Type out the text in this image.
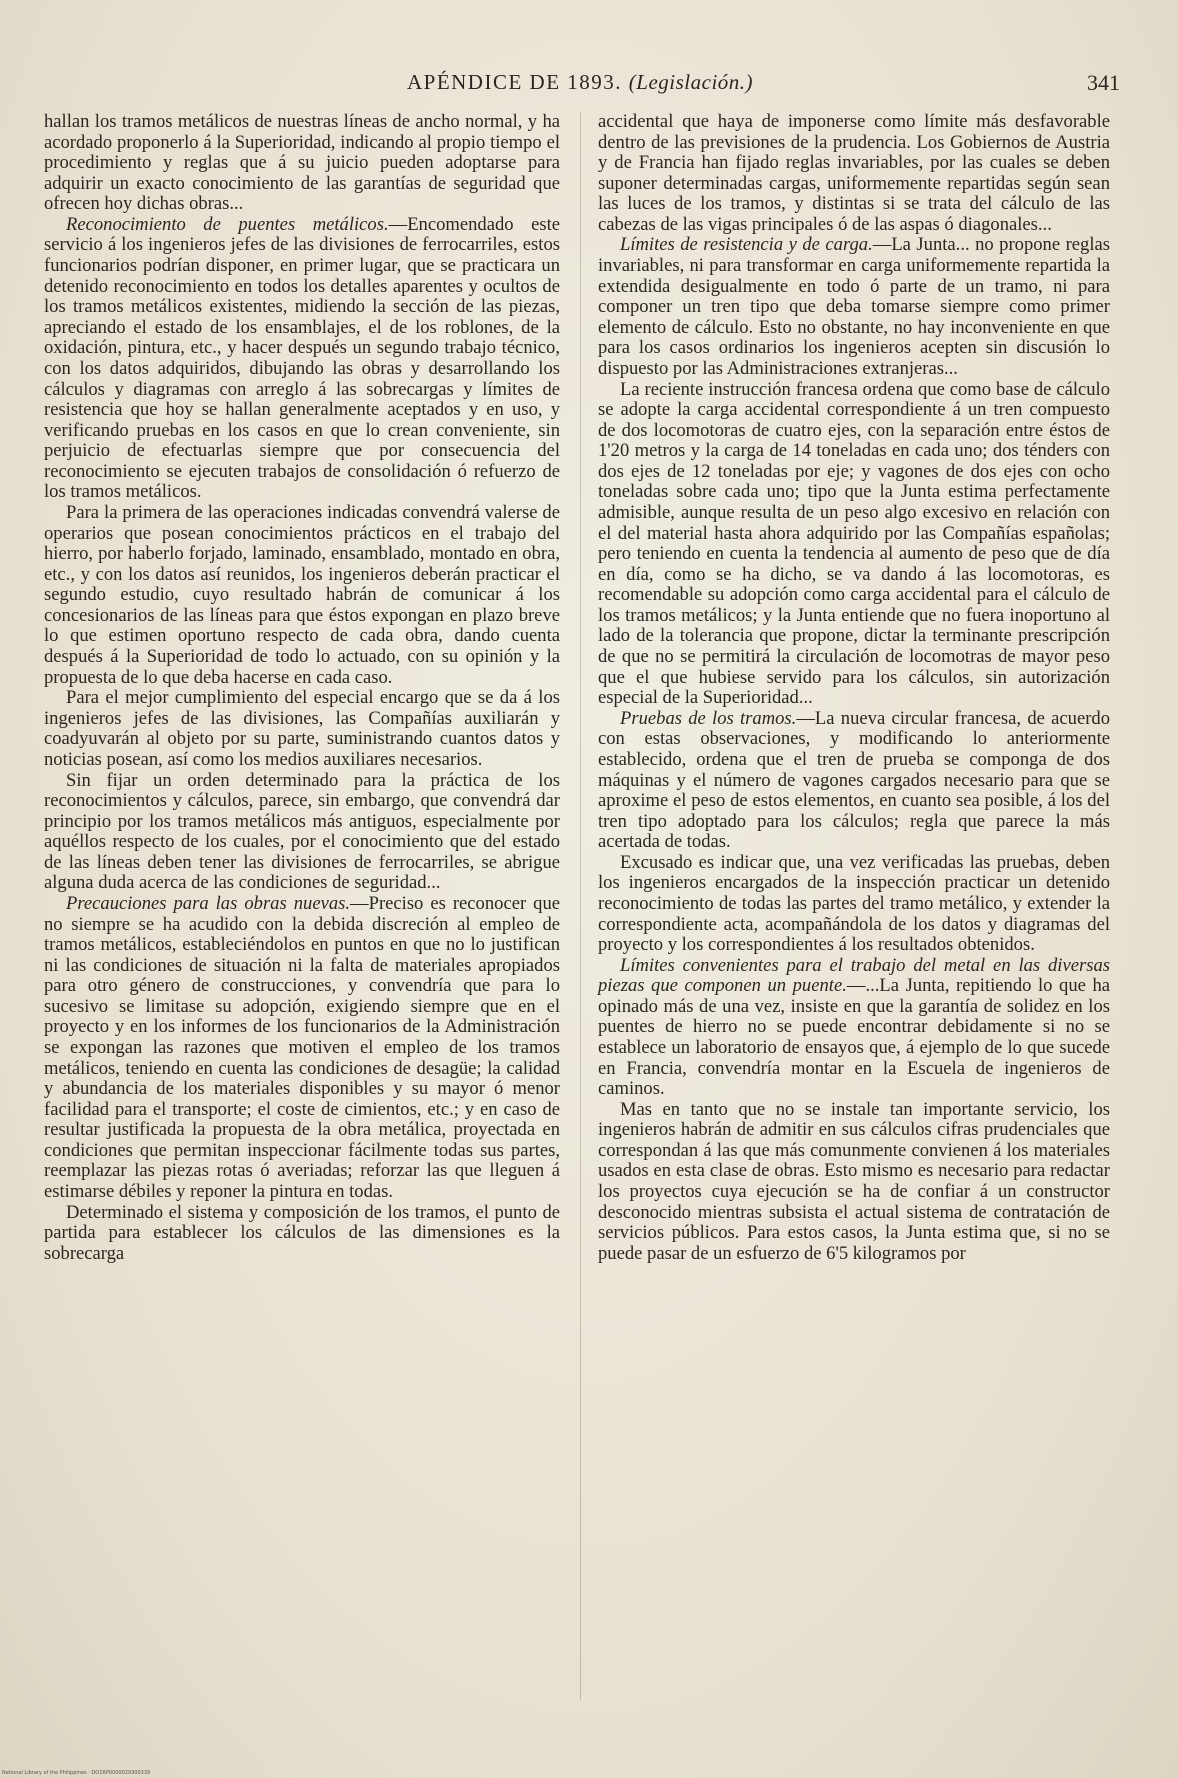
APÉNDICE DE 1893. (Legislación.)	341

hallan los tramos metálicos de nuestras líneas de ancho normal, y ha acordado proponerlo á la Superioridad, indicando al propio tiempo el procedimiento y reglas que á su juicio pueden adoptarse para adquirir un exacto conocimiento de las garantías de seguridad que ofrecen hoy dichas obras...

Reconocimiento de puentes metálicos.—Encomendado este servicio á los ingenieros jefes de las divisiones de ferrocarriles, estos funcionarios podrían disponer, en primer lugar, que se practicara un detenido reconocimiento en todos los detalles aparentes y ocultos de los tramos metálicos existentes, midiendo la sección de las piezas, apreciando el estado de los ensamblajes, el de los roblones, de la oxidación, pintura, etc., y hacer después un segundo trabajo técnico, con los datos adquiridos, dibujando las obras y desarrollando los cálculos y diagramas con arreglo á las sobrecargas y límites de resistencia que hoy se hallan generalmente aceptados y en uso, y verificando pruebas en los casos en que lo crean conveniente, sin perjuicio de efectuarlas siempre que por consecuencia del reconocimiento se ejecuten trabajos de consolidación ó refuerzo de los tramos metálicos.

Para la primera de las operaciones indicadas convendrá valerse de operarios que posean conocimientos prácticos en el trabajo del hierro, por haberlo forjado, laminado, ensamblado, montado en obra, etc., y con los datos así reunidos, los ingenieros deberán practicar el segundo estudio, cuyo resultado habrán de comunicar á los concesionarios de las líneas para que éstos expongan en plazo breve lo que estimen oportuno respecto de cada obra, dando cuenta después á la Superioridad de todo lo actuado, con su opinión y la propuesta de lo que deba hacerse en cada caso.

Para el mejor cumplimiento del especial encargo que se da á los ingenieros jefes de las divisiones, las Compañías auxiliarán y coadyuvarán al objeto por su parte, suministrando cuantos datos y noticias posean, así como los medios auxiliares necesarios.

Sin fijar un orden determinado para la práctica de los reconocimientos y cálculos, parece, sin embargo, que convendrá dar principio por los tramos metálicos más antiguos, especialmente por aquéllos respecto de los cuales, por el conocimiento que del estado de las líneas deben tener las divisiones de ferrocarriles, se abrigue alguna duda acerca de las condiciones de seguridad...

Precauciones para las obras nuevas.—Preciso es reconocer que no siempre se ha acudido con la debida discreción al empleo de tramos metálicos, estableciéndolos en puntos en que no lo justifican ni las condiciones de situación ni la falta de materiales apropiados para otro género de construcciones, y convendría que para lo sucesivo se limitase su adopción, exigiendo siempre que en el proyecto y en los informes de los funcionarios de la Administración se expongan las razones que motiven el empleo de los tramos metálicos, teniendo en cuenta las condiciones de desagüe; la calidad y abundancia de los materiales disponibles y su mayor ó menor facilidad para el transporte; el coste de cimientos, etc.; y en caso de resultar justificada la propuesta de la obra metálica, proyectada en condiciones que permitan inspeccionar fácilmente todas sus partes, reemplazar las piezas rotas ó averiadas; reforzar las que lleguen á estimarse débiles y reponer la pintura en todas.

Determinado el sistema y composición de los tramos, el punto de partida para establecer los cálculos de las dimensiones es la sobrecarga

accidental que haya de imponerse como límite más desfavorable dentro de las previsiones de la prudencia. Los Gobiernos de Austria y de Francia han fijado reglas invariables, por las cuales se deben suponer determinadas cargas, uniformemente repartidas según sean las luces de los tramos, y distintas si se trata del cálculo de las cabezas de las vigas principales ó de las aspas ó diagonales...

Límites de resistencia y de carga.—La Junta... no propone reglas invariables, ni para transformar en carga uniformemente repartida la extendida desigualmente en todo ó parte de un tramo, ni para componer un tren tipo que deba tomarse siempre como primer elemento de cálculo. Esto no obstante, no hay inconveniente en que para los casos ordinarios los ingenieros acepten sin discusión lo dispuesto por las Administraciones extranjeras...

La reciente instrucción francesa ordena que como base de cálculo se adopte la carga accidental correspondiente á un tren compuesto de dos locomotoras de cuatro ejes, con la separación entre éstos de 1'20 metros y la carga de 14 toneladas en cada uno; dos ténders con dos ejes de 12 toneladas por eje; y vagones de dos ejes con ocho toneladas sobre cada uno; tipo que la Junta estima perfectamente admisible, aunque resulta de un peso algo excesivo en relación con el del material hasta ahora adquirido por las Compañías españolas; pero teniendo en cuenta la tendencia al aumento de peso que de día en día, como se ha dicho, se va dando á las locomotoras, es recomendable su adopción como carga accidental para el cálculo de los tramos metálicos; y la Junta entiende que no fuera inoportuno al lado de la tolerancia que propone, dictar la terminante prescripción de que no se permitirá la circulación de locomotras de mayor peso que el que hubiese servido para los cálculos, sin autorización especial de la Superioridad...

Pruebas de los tramos.—La nueva circular francesa, de acuerdo con estas observaciones, y modificando lo anteriormente establecido, ordena que el tren de prueba se componga de dos máquinas y el número de vagones cargados necesario para que se aproxime el peso de estos elementos, en cuanto sea posible, á los del tren tipo adoptado para los cálculos; regla que parece la más acertada de todas.

Excusado es indicar que, una vez verificadas las pruebas, deben los ingenieros encargados de la inspección practicar un detenido reconocimiento de todas las partes del tramo metálico, y extender la correspondiente acta, acompañándola de los datos y diagramas del proyecto y los correspondientes á los resultados obtenidos.

Límites convenientes para el trabajo del metal en las diversas piezas que componen un puente.—...La Junta, repitiendo lo que ha opinado más de una vez, insiste en que la garantía de solidez en los puentes de hierro no se puede encontrar debidamente si no se establece un laboratorio de ensayos que, á ejemplo de lo que sucede en Francia, convendría montar en la Escuela de ingenieros de caminos.

Mas en tanto que no se instale tan importante servicio, los ingenieros habrán de admitir en sus cálculos cifras prudenciales que correspondan á las que más comunmente convienen á los materiales usados en esta clase de obras. Esto mismo es necesario para redactar los proyectos cuya ejecución se ha de confiar á un constructor desconocido mientras subsista el actual sistema de contratación de servicios públicos. Para estos casos, la Junta estima que, si no se puede pasar de un esfuerzo de 6'5 kilogramos por

National Library of the Philippines · DO1RP0000029300339
